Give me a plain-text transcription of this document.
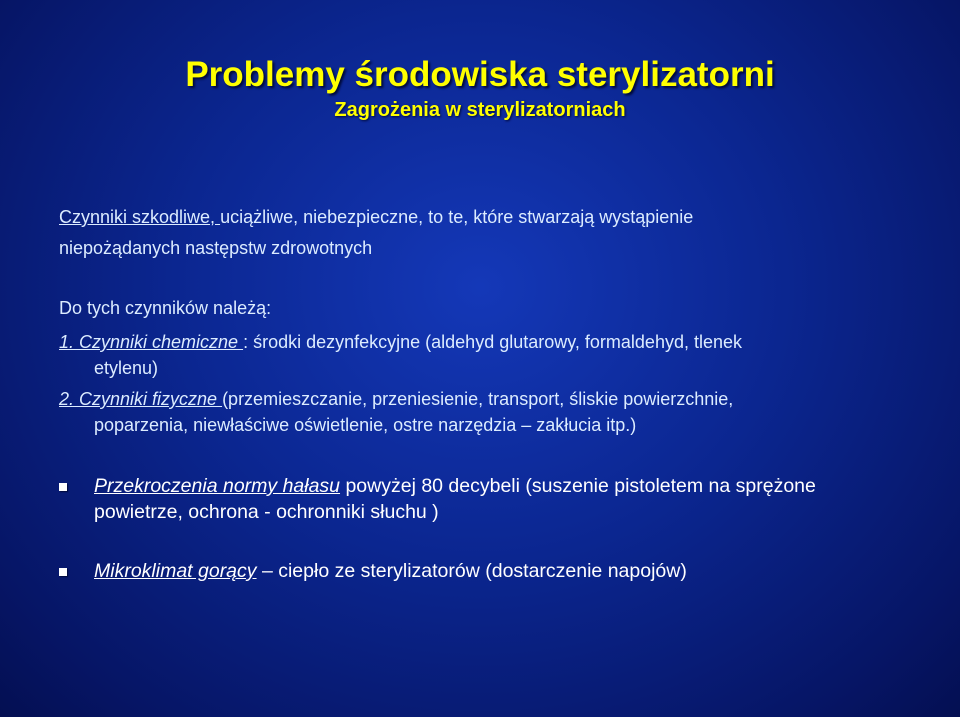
Problemy środowiska sterylizatorni
Zagrożenia w sterylizatorniach
Czynniki szkodliwe, uciążliwe, niebezpieczne, to te, które stwarzają wystąpienie
niepożądanych następstw zdrowotnych
Do tych czynników należą:
1. Czynniki chemiczne : środki dezynfekcyjne (aldehyd glutarowy, formaldehyd, tlenek
etylenu)
2. Czynniki fizyczne (przemieszczanie, przeniesienie, transport, śliskie powierzchnie,
poparzenia, niewłaściwe oświetlenie, ostre narzędzia – zakłucia itp.)
Przekroczenia normy hałasu powyżej 80 decybeli (suszenie pistoletem na sprężone
powietrze, ochrona - ochronniki słuchu )
Mikroklimat gorący – ciepło ze sterylizatorów (dostarczenie napojów)
